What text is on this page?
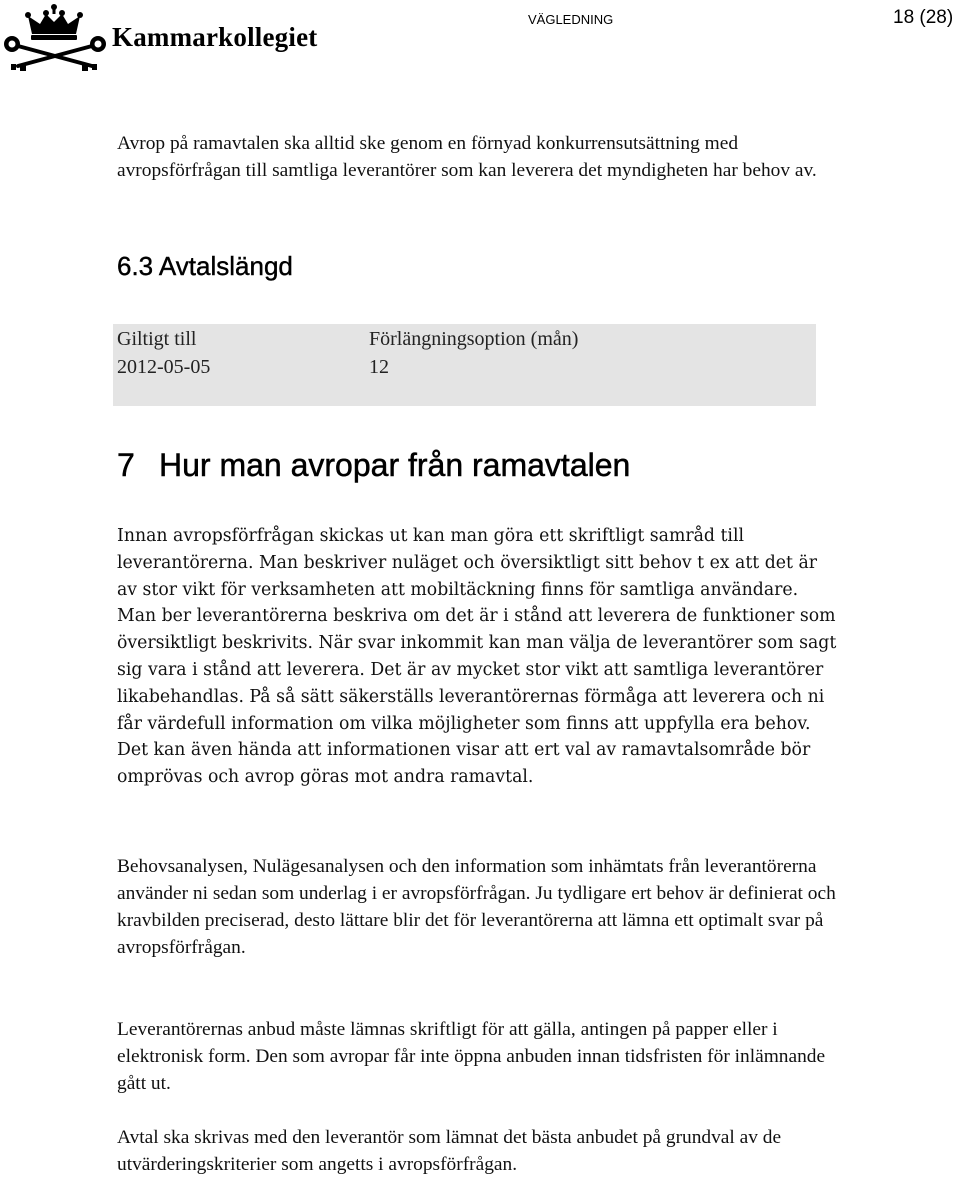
Kammarkollegiet
VÄGLEDNING	18 (28)

Avrop på ramavtalen ska alltid ske genom en förnyad konkurrensutsättning med avropsförfrågan till samtliga leverantörer som kan leverera det myndigheten har behov av.

6.3 Avtalslängd
Giltigt till	Förlängningsoption (mån)
2012-05-05	12
7 Hur man avropar från ramavtalen

Innan avropsförfrågan skickas ut kan man göra ett skriftligt samråd till leverantörerna. Man beskriver nuläget och översiktligt sitt behov t ex att det är av stor vikt för verksamheten att mobiltäckning finns för samtliga användare. Man ber leverantörerna beskriva om det är i stånd att leverera de funktioner som översiktligt beskrivits. När svar inkommit kan man välja de leverantörer som sagt sig vara i stånd att leverera. Det är av mycket stor vikt att samtliga leverantörer likabehandlas. På så sätt säkerställs leverantörernas förmåga att leverera och ni får värdefull information om vilka möjligheter som finns att uppfylla era behov. Det kan även hända att informationen visar att ert val av ramavtalsområde bör omprövas och avrop göras mot andra ramavtal.

Behovsanalysen, Nulägesanalysen och den information som inhämtats från leverantörerna använder ni sedan som underlag i er avropsförfrågan. Ju tydligare ert behov är definierat och kravbilden preciserad, desto lättare blir det för leverantörerna att lämna ett optimalt svar på avropsförfrågan.

Leverantörernas anbud måste lämnas skriftligt för att gälla, antingen på papper eller i elektronisk form. Den som avropar får inte öppna anbuden innan tidsfristen för inlämnande gått ut.

Avtal ska skrivas med den leverantör som lämnat det bästa anbudet på grundval av de utvärderingskriterier som angetts i avropsförfrågan.
